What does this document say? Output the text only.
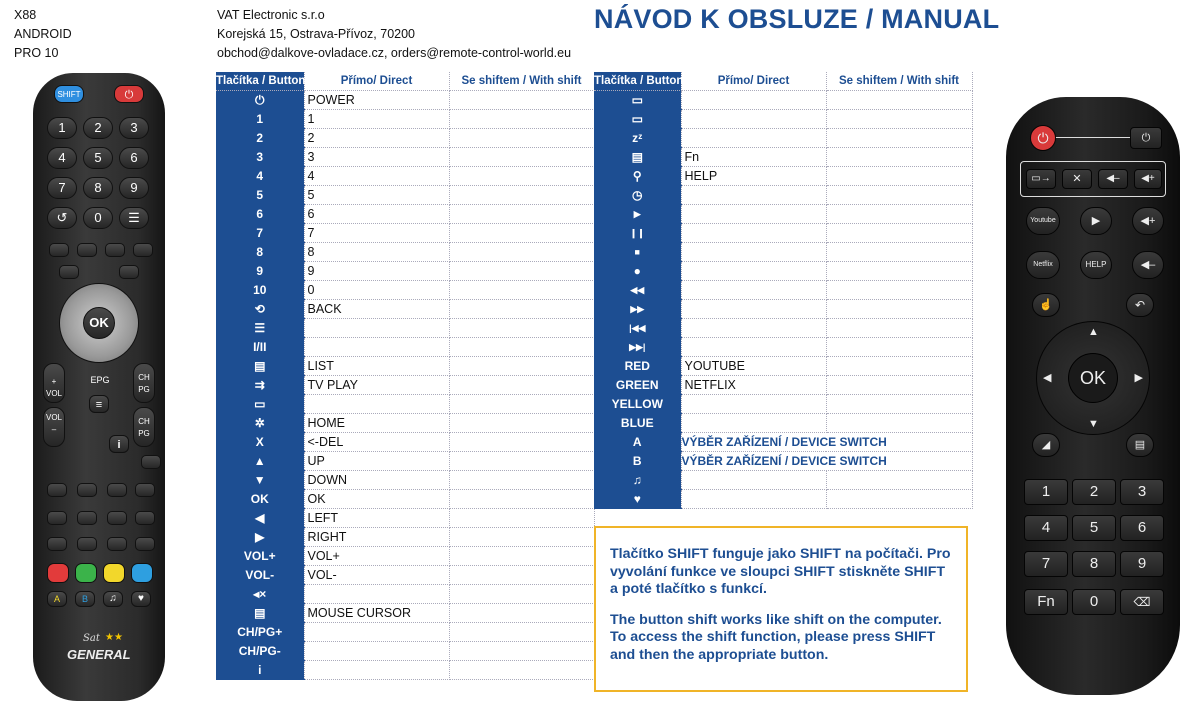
X88
ANDROID
PRO 10
VAT Electronic s.r.o
Korejská 15, Ostrava-Přívoz, 70200
obchod@dalkove-ovladace.cz, orders@remote-control-world.eu
NÁVOD K OBSLUZE / MANUAL
Tlačítka / Button	Přímo/ Direct	Se shiftem / With shift
⏻	POWER	
1	1	
2	2	
3	3	
4	4	
5	5	
6	6	
7	7	
8	8	
9	9	
10	0	
⟲	BACK	
☰		
I/II		
▤	LIST	
⇉	TV PLAY	
▭		
✲	HOME	
X	<-DEL	
▲	UP	
▼	DOWN	
OK	OK	
◀	LEFT	
▶	RIGHT	
VOL+	VOL+	
VOL-	VOL-	
◂×		
▤	MOUSE CURSOR	
CH/PG+		
CH/PG-		
i		
Tlačítka / Button	Přímo/ Direct	Se shiftem / With shift
▭		
▭		
zᶻ		
▤	Fn	
⚲	HELP	
◷		
▶		
❙❙		
■		
●		
◀◀		
▶▶		
|◀◀		
▶▶|		
RED	YOUTUBE	
GREEN	NETFLIX	
YELLOW		
BLUE		
A	VÝBĚR ZAŘÍZENÍ / DEVICE SWITCH	
B	VÝBĚR ZAŘÍZENÍ / DEVICE SWITCH	
♫		
♥		

Tlačítko SHIFT funguje jako SHIFT na počítači. Pro vyvolání funkce ve sloupci SHIFT stiskněte SHIFT a poté tlačítko s funkcí.

The button shift works like shift on the computer. To access the shift function, please press SHIFT and then the appropriate button.

SHIFT	⏻
1	2	3
4	5	6
7	8	9
↺	0	☰
OK
EPG
+
VOL
VOL
–
CH PG
CH PG
≡
i
A	B	♫	♥
Sat ★★
GENERAL
⏻	⏻
▭→	✕	◀–	◀+
Youtube	▶	◀+
Netflix	HELP	◀–
☝	↶
▲
▼
◀	▶
OK
◢	▤
1	2	3
4	5	6
7	8	9
Fn	0	⌫
